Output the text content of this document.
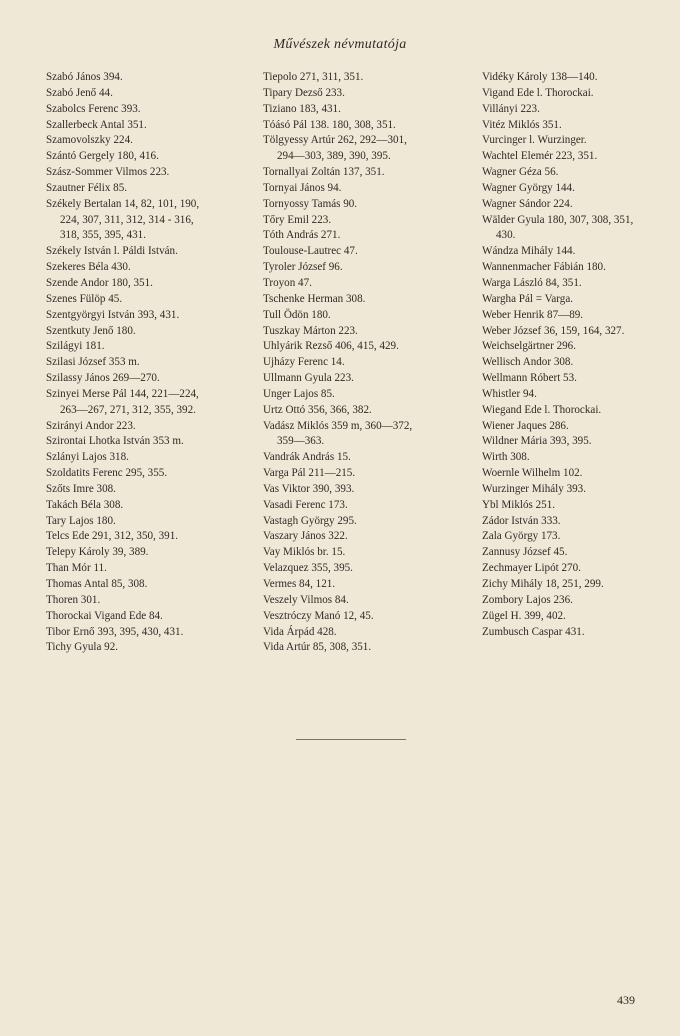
Művészek névmutatója
Szabó János 394.
Szabó Jenő 44.
Szabolcs Ferenc 393.
Szallerbeck Antal 351.
Szamovolszky 224.
Szántó Gergely 180, 416.
Szász-Sommer Vilmos 223.
Szautner Félix 85.
Székely Bertalan 14, 82, 101, 190,
224, 307, 311, 312, 314 - 316,
318, 355, 395, 431.
Székely István l. Páldi István.
Szekeres Béla 430.
Szende Andor 180, 351.
Szenes Fülöp 45.
Szentgyörgyi István 393, 431.
Szentkuty Jenő 180.
Szilágyi 181.
Szilasi József 353 m.
Szilassy János 269—270.
Szinyei Merse Pál 144, 221—224,
263—267, 271, 312, 355, 392.
Szirányi Andor 223.
Szirontai Lhotka István 353 m.
Szlányi Lajos 318.
Szoldatits Ferenc 295, 355.
Szőts Imre 308.
Takách Béla 308.
Tary Lajos 180.
Telcs Ede 291, 312, 350, 391.
Telepy Károly 39, 389.
Than Mór 11.
Thomas Antal 85, 308.
Thoren 301.
Thorockai Vigand Ede 84.
Tibor Ernő 393, 395, 430, 431.
Tichy Gyula 92.
Tiepolo 271, 311, 351.
Tipary Dezső 233.
Tiziano 183, 431.
Tóásó Pál 138. 180, 308, 351.
Tölgyessy Artúr 262, 292—301,
294—303, 389, 390, 395.
Tornallyai Zoltán 137, 351.
Tornyai János 94.
Tornyossy Tamás 90.
Tőry Emil 223.
Tóth András 271.
Toulouse-Lautrec 47.
Tyroler József 96.
Troyon 47.
Tschenke Herman 308.
Tull Ödön 180.
Tuszkay Márton 223.
Uhlyárik Rezső 406, 415, 429.
Ujházy Ferenc 14.
Ullmann Gyula 223.
Unger Lajos 85.
Urtz Ottó 356, 366, 382.
Vadász Miklós 359 m, 360—372,
359—363.
Vandrák András 15.
Varga Pál 211—215.
Vas Viktor 390, 393.
Vasadi Ferenc 173.
Vastagh György 295.
Vaszary János 322.
Vay Miklós br. 15.
Velazquez 355, 395.
Vermes 84, 121.
Veszely Vilmos 84.
Vesztróczy Manó 12, 45.
Vida Árpád 428.
Vida Artúr 85, 308, 351.
Vidéky Károly 138—140.
Vigand Ede l. Thorockai.
Villányi 223.
Vitéz Miklós 351.
Vurcinger l. Wurzinger.
Wachtel Elemér 223, 351.
Wagner Géza 56.
Wagner György 144.
Wagner Sándor 224.
Wälder Gyula 180, 307, 308, 351,
430.
Wándza Mihály 144.
Wannenmacher Fábián 180.
Warga László 84, 351.
Wargha Pál = Varga.
Weber Henrik 87—89.
Weber József 36, 159, 164, 327.
Weichselgärtner 296.
Wellisch Andor 308.
Wellmann Róbert 53.
Whistler 94.
Wiegand Ede l. Thorockai.
Wiener Jaques 286.
Wildner Mária 393, 395.
Wirth 308.
Woernle Wilhelm 102.
Wurzinger Mihály 393.
Ybl Miklós 251.
Zádor István 333.
Zala György 173.
Zannusy József 45.
Zechmayer Lipót 270.
Zichy Mihály 18, 251, 299.
Zombory Lajos 236.
Zügel H. 399, 402.
Zumbusch Caspar 431.
439
